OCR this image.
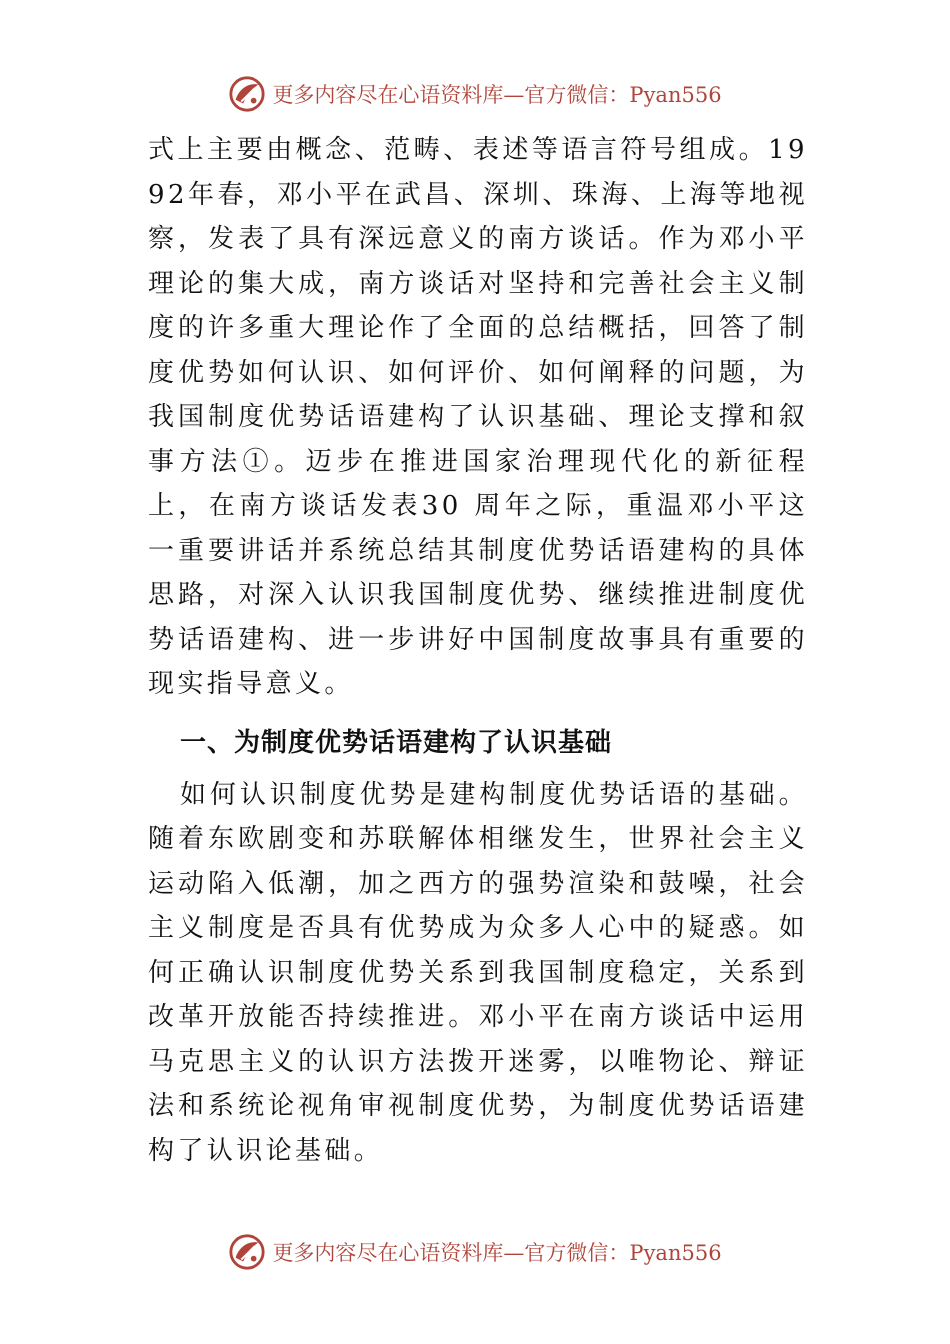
更多内容尽在心语资料库—官方微信：Pyan556

式上主要由概念、范畴、表述等语言符号组成。1992年春，邓小平在武昌、深圳、珠海、上海等地视察，发表了具有深远意义的南方谈话。作为邓小平理论的集大成，南方谈话对坚持和完善社会主义制度的许多重大理论作了全面的总结概括，回答了制度优势如何认识、如何评价、如何阐释的问题，为我国制度优势话语建构了认识基础、理论支撑和叙事方法①。迈步在推进国家治理现代化的新征程上，在南方谈话发表30 周年之际，重温邓小平这一重要讲话并系统总结其制度优势话语建构的具体思路，对深入认识我国制度优势、继续推进制度优势话语建构、进一步讲好中国制度故事具有重要的现实指导意义。

一、为制度优势话语建构了认识基础

如何认识制度优势是建构制度优势话语的基础。随着东欧剧变和苏联解体相继发生，世界社会主义运动陷入低潮，加之西方的强势渲染和鼓噪，社会主义制度是否具有优势成为众多人心中的疑惑。如何正确认识制度优势关系到我国制度稳定，关系到改革开放能否持续推进。邓小平在南方谈话中运用马克思主义的认识方法拨开迷雾，以唯物论、辩证法和系统论视角审视制度优势，为制度优势话语建构了认识论基础。

更多内容尽在心语资料库—官方微信：Pyan556
